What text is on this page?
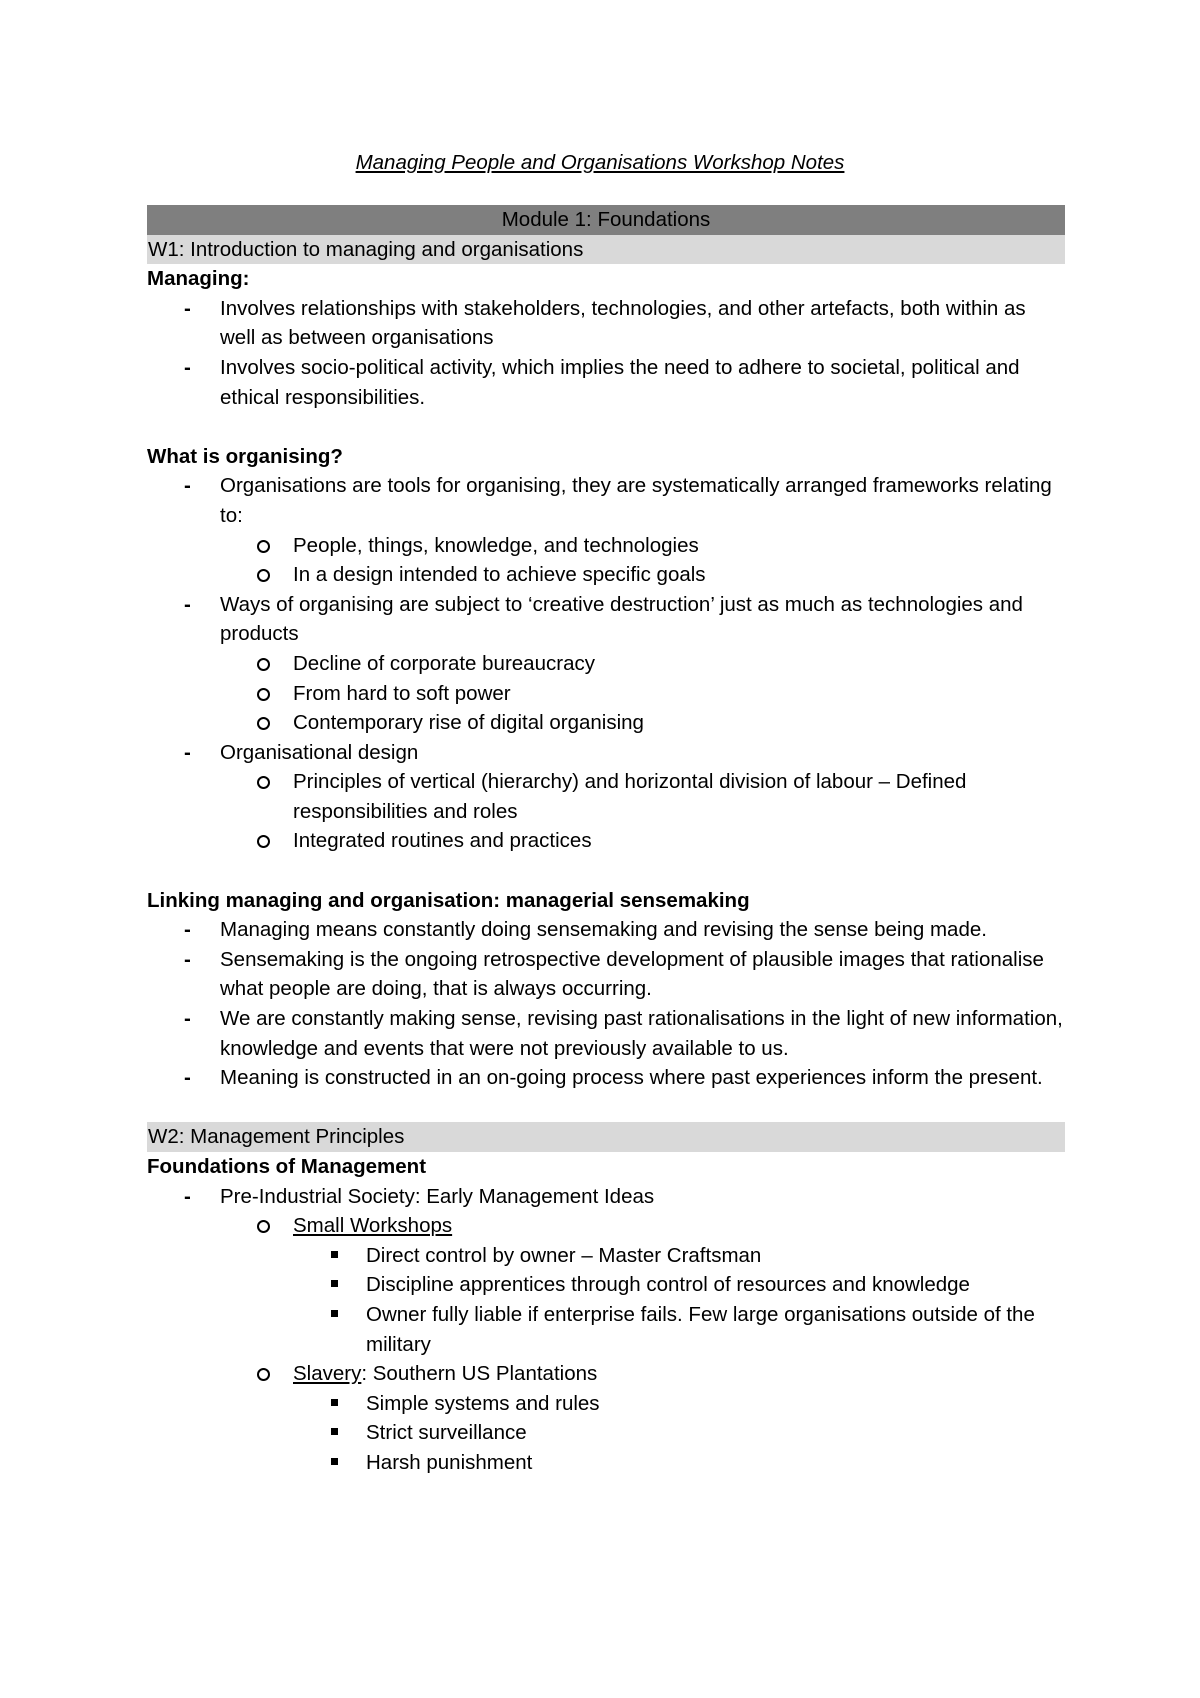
Managing People and Organisations Workshop Notes
Module 1: Foundations
W1: Introduction to managing and organisations
Managing:
- Involves relationships with stakeholders, technologies, and other artefacts, both within as well as between organisations
- Involves socio-political activity, which implies the need to adhere to societal, political and ethical responsibilities.
What is organising?
- Organisations are tools for organising, they are systematically arranged frameworks relating to:
People, things, knowledge, and technologies
In a design intended to achieve specific goals
- Ways of organising are subject to ‘creative destruction’ just as much as technologies and products
Decline of corporate bureaucracy
From hard to soft power
Contemporary rise of digital organising
- Organisational design
Principles of vertical (hierarchy) and horizontal division of labour – Defined responsibilities and roles
Integrated routines and practices
Linking managing and organisation: managerial sensemaking
- Managing means constantly doing sensemaking and revising the sense being made.
- Sensemaking is the ongoing retrospective development of plausible images that rationalise what people are doing, that is always occurring.
- We are constantly making sense, revising past rationalisations in the light of new information, knowledge and events that were not previously available to us.
- Meaning is constructed in an on-going process where past experiences inform the present.
W2: Management Principles
Foundations of Management
- Pre-Industrial Society: Early Management Ideas
Small Workshops
Direct control by owner – Master Craftsman
Discipline apprentices through control of resources and knowledge
Owner fully liable if enterprise fails. Few large organisations outside of the military
Slavery: Southern US Plantations
Simple systems and rules
Strict surveillance
Harsh punishment
